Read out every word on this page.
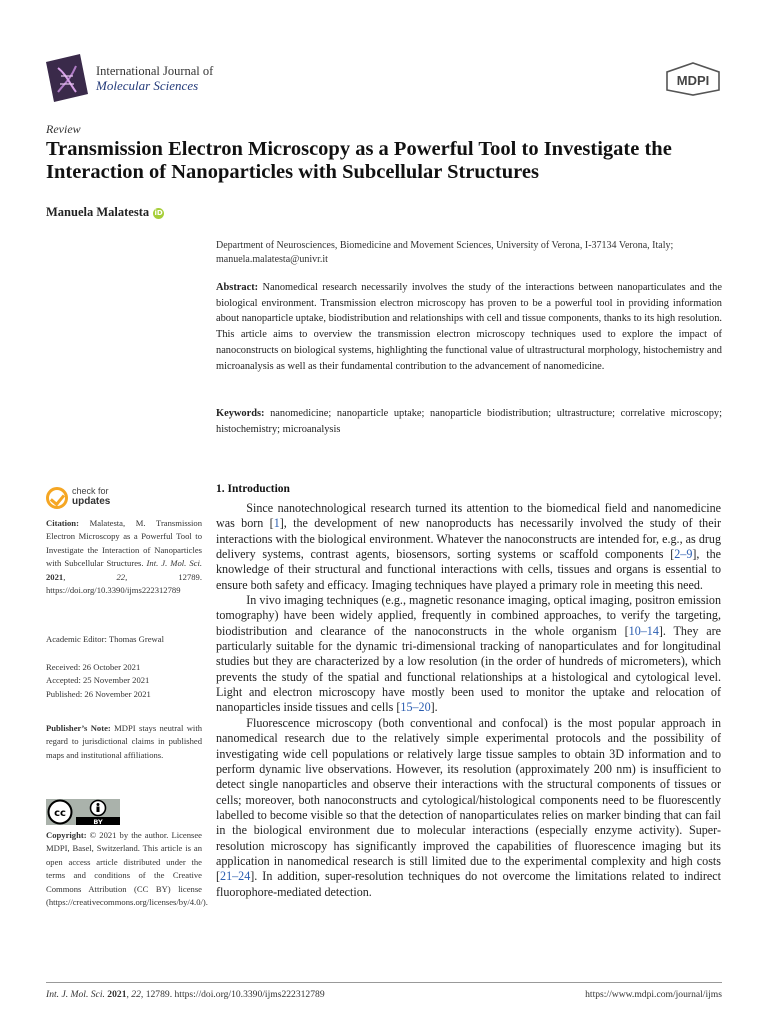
International Journal of
Molecular Sciences	MDPI
Review
Transmission Electron Microscopy as a Powerful Tool to Investigate the Interaction of Nanoparticles with Subcellular Structures
Manuela Malatesta iD
Department of Neurosciences, Biomedicine and Movement Sciences, University of Verona, I-37134 Verona, Italy;
manuela.malatesta@univr.it
Abstract: Nanomedical research necessarily involves the study of the interactions between nanoparticulates and the biological environment. Transmission electron microscopy has proven to be a powerful tool in providing information about nanoparticle uptake, biodistribution and relationships with cell and tissue components, thanks to its high resolution. This article aims to overview the transmission electron microscopy techniques used to explore the impact of nanoconstructs on biological systems, highlighting the functional value of ultrastructural morphology, histochemistry and microanalysis as well as their fundamental contribution to the advancement of nanomedicine.
Keywords: nanomedicine; nanoparticle uptake; nanoparticle biodistribution; ultrastructure; correlative microscopy; histochemistry; microanalysis
check for
updates
Citation: Malatesta, M. Transmission Electron Microscopy as a Powerful Tool to Investigate the Interaction of Nanoparticles with Subcellular Structures. Int. J. Mol. Sci. 2021, 22,	12789. https://doi.org/10.3390/ijms222312789
Academic Editor: Thomas Grewal
Received: 26 October 2021
Accepted: 25 November 2021
Published: 26 November 2021
Publisher’s Note: MDPI stays neutral with regard to jurisdictional claims in published maps and institutional affiliations.
cc
BY
Copyright: © 2021 by the author. Licensee MDPI, Basel, Switzerland. This article is an open access article distributed under the terms and conditions of the Creative Commons Attribution (CC BY) license (https://creativecommons.org/licenses/by/4.0/).
1. Introduction

Since nanotechnological research turned its attention to the biomedical field and nanomedicine was born [1], the development of new nanoproducts has necessarily involved the study of their interactions with the biological environment. Whatever the nanoconstructs are intended for, e.g., as drug delivery systems, contrast agents, biosensors, sorting systems or scaffold components [2–9], the knowledge of their structural and functional interactions with cells, tissues and organs is essential to ensure both safety and efficacy. Imaging techniques have played a primary role in meeting this need.

In vivo imaging techniques (e.g., magnetic resonance imaging, optical imaging, positron emission tomography) have been widely applied, frequently in combined approaches, to verify the targeting, biodistribution and clearance of the nanoconstructs in the whole organism [10–14]. They are particularly suitable for the dynamic tri-dimensional tracking of nanoparticulates and for longitudinal studies but they are characterized by a low resolution (in the order of hundreds of micrometers), which prevents the study of the spatial and functional relationships at a histological and cytological level. Light and electron microscopy have mostly been used to monitor the uptake and relocation of nanoparticles inside tissues and cells [15–20].

Fluorescence microscopy (both conventional and confocal) is the most popular approach in nanomedical research due to the relatively simple experimental protocols and the possibility of investigating wide cell populations or relatively large tissue samples to obtain 3D information and to perform dynamic live observations. However, its resolution (approximately 200 nm) is insufficient to detect single nanoparticles and observe their interactions with the structural components of tissues or cells; moreover, both nanoconstructs and cytological/histological components need to be fluorescently labelled to become visible so that the detection of nanoparticulates relies on marker binding that can fail in the biological environment due to molecular interactions (especially enzyme activity). Super-resolution microscopy has significantly improved the capabilities of fluorescence imaging but its application in nanomedical research is still limited due to the experimental complexity and high costs [21–24]. In addition, super-resolution techniques do not overcome the limitations related to indirect fluorophore-mediated detection.

Int. J. Mol. Sci. 2021, 22, 12789. https://doi.org/10.3390/ijms222312789	https://www.mdpi.com/journal/ijms
